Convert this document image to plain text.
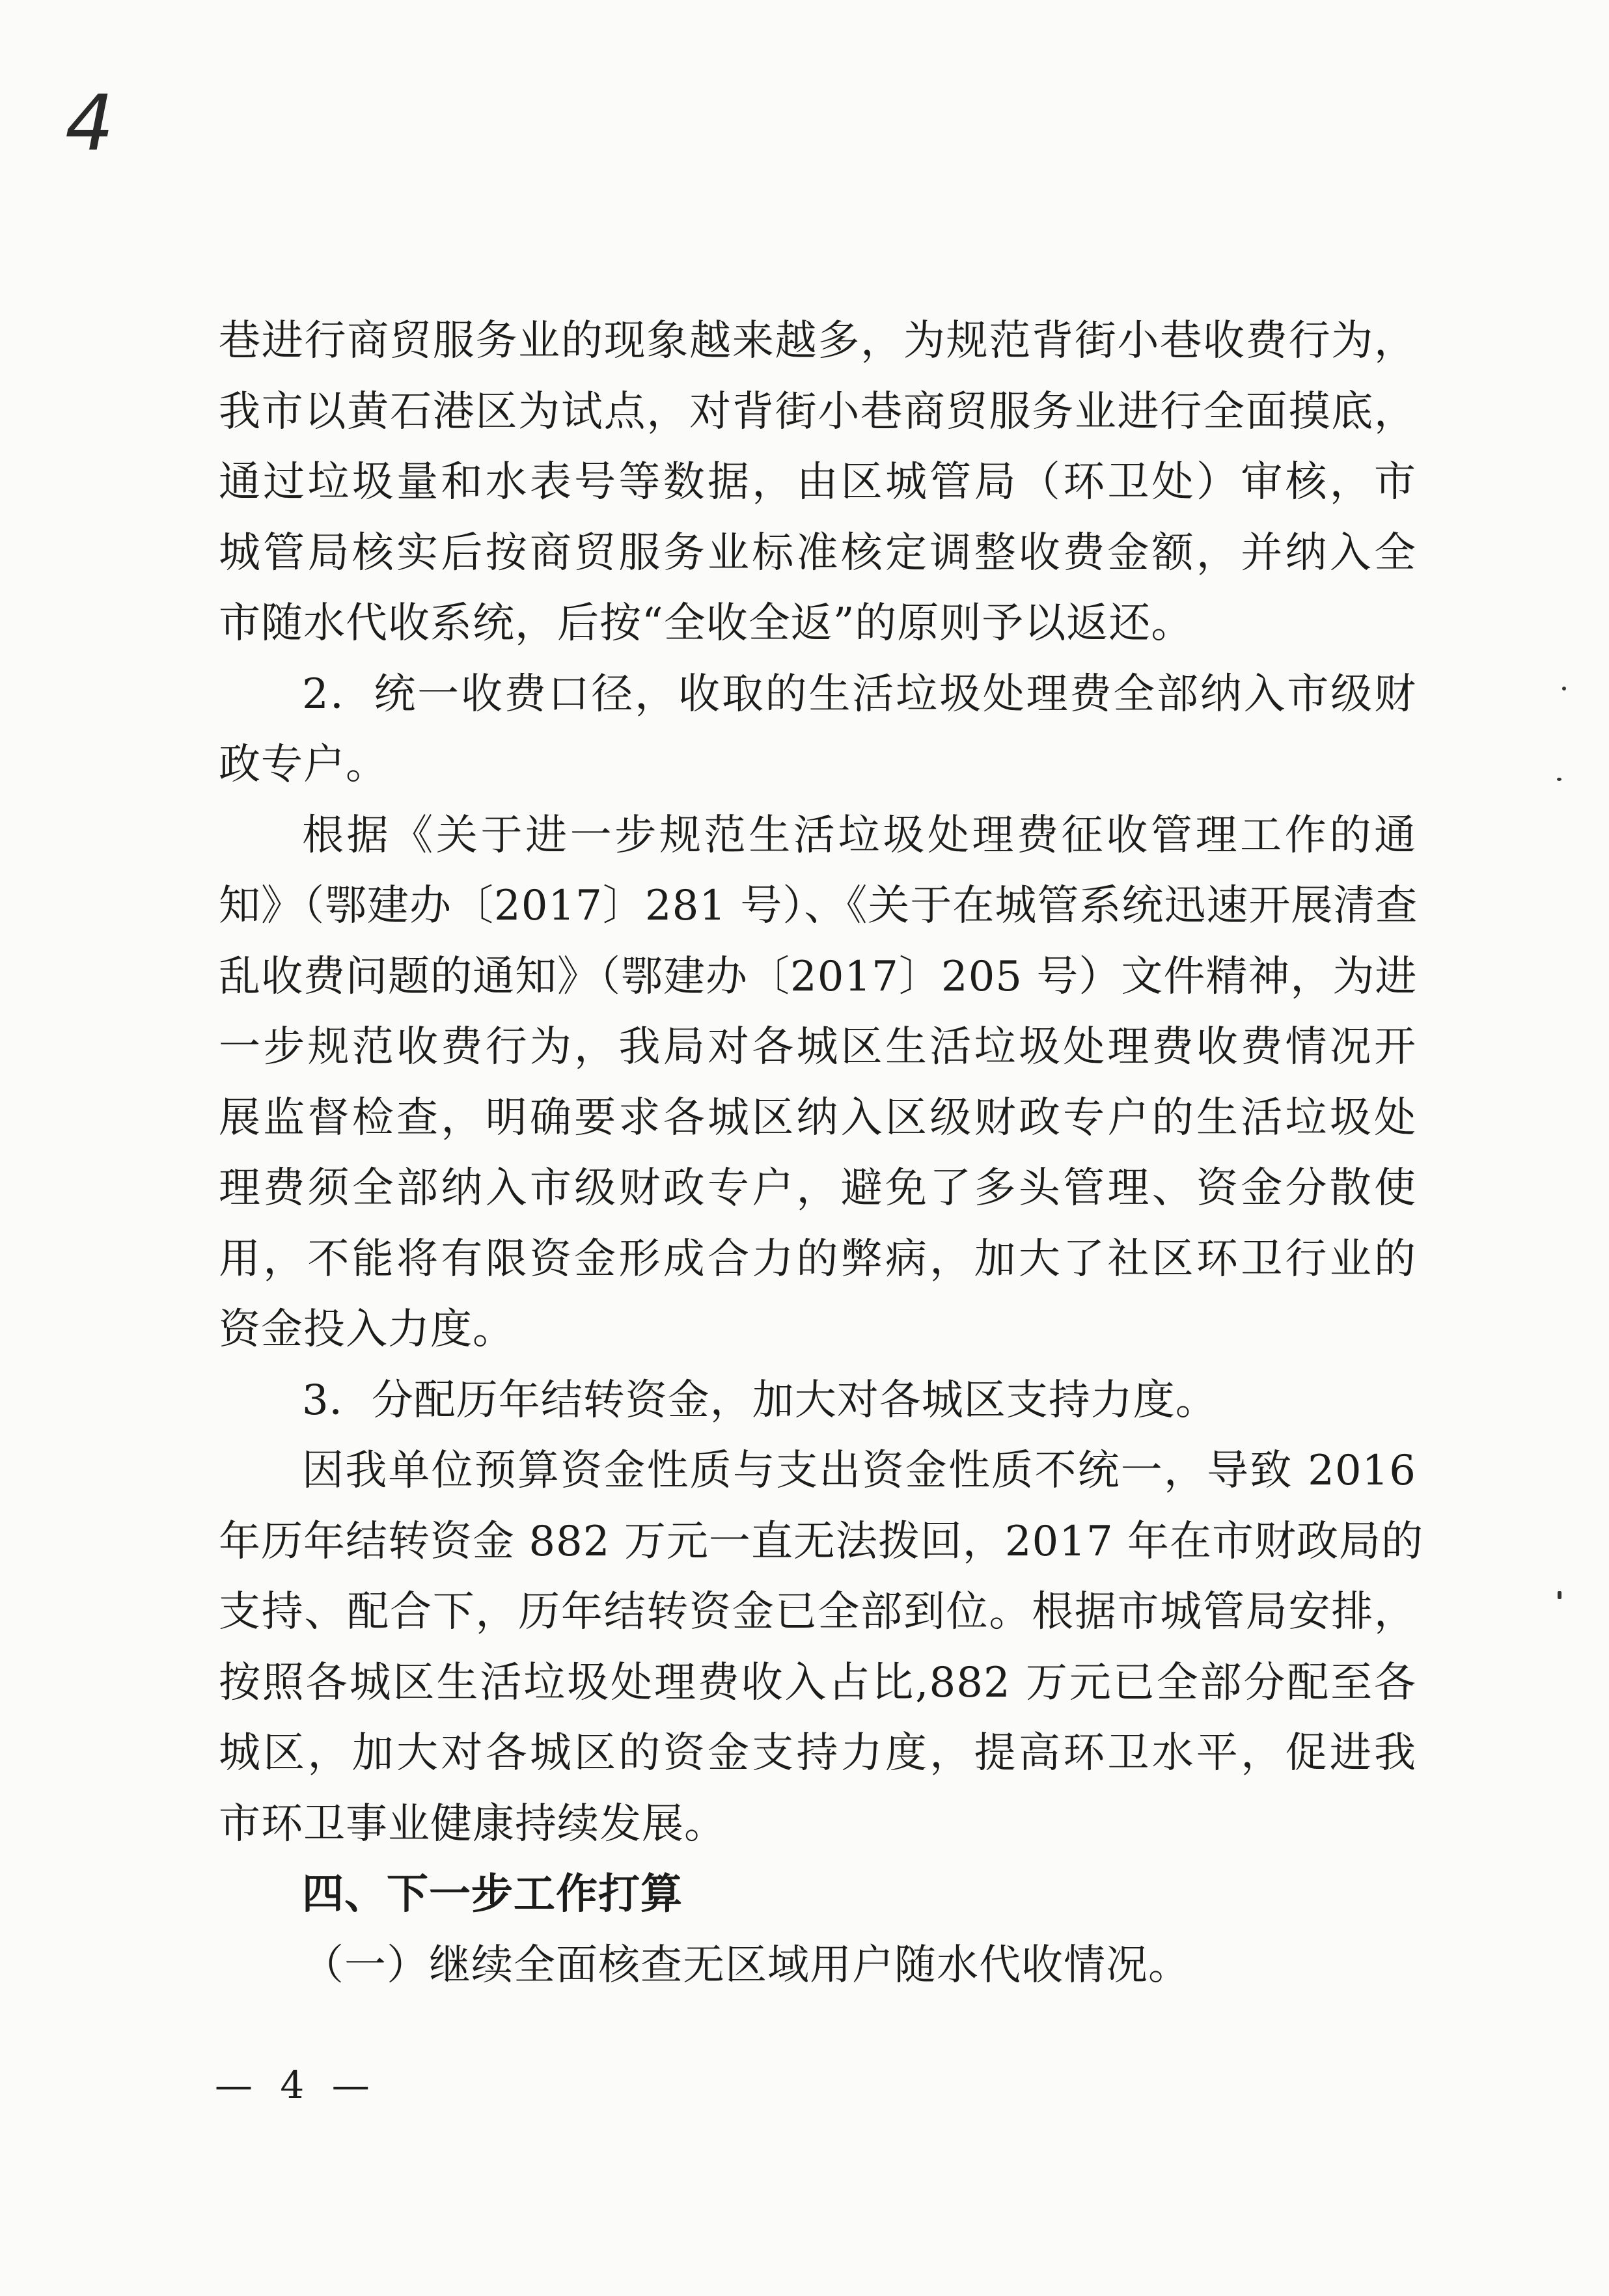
4
巷进行商贸服务业的现象越来越多，为规范背街小巷收费行为，
我市以黄石港区为试点，对背街小巷商贸服务业进行全面摸底，
通过垃圾量和水表号等数据，由区城管局（环卫处）审核，市
城管局核实后按商贸服务业标准核定调整收费金额，并纳入全
市随水代收系统，后按“全收全返”的原则予以返还。
2．统一收费口径，收取的生活垃圾处理费全部纳入市级财
政专户。
根据《关于进一步规范生活垃圾处理费征收管理工作的通
知》（鄂建办〔2017〕281 号）、《关于在城管系统迅速开展清查
乱收费问题的通知》（鄂建办〔2017〕205 号）文件精神，为进
一步规范收费行为，我局对各城区生活垃圾处理费收费情况开
展监督检查，明确要求各城区纳入区级财政专户的生活垃圾处
理费须全部纳入市级财政专户，避免了多头管理、资金分散使
用，不能将有限资金形成合力的弊病，加大了社区环卫行业的
资金投入力度。
3．分配历年结转资金，加大对各城区支持力度。
因我单位预算资金性质与支出资金性质不统一，导致 2016
年历年结转资金 882 万元一直无法拨回，2017 年在市财政局的
支持、配合下，历年结转资金已全部到位。根据市城管局安排，
按照各城区生活垃圾处理费收入占比,882 万元已全部分配至各
城区，加大对各城区的资金支持力度，提高环卫水平，促进我
市环卫事业健康持续发展。
四、下一步工作打算
（一）继续全面核查无区域用户随水代收情况。
— 4 —
